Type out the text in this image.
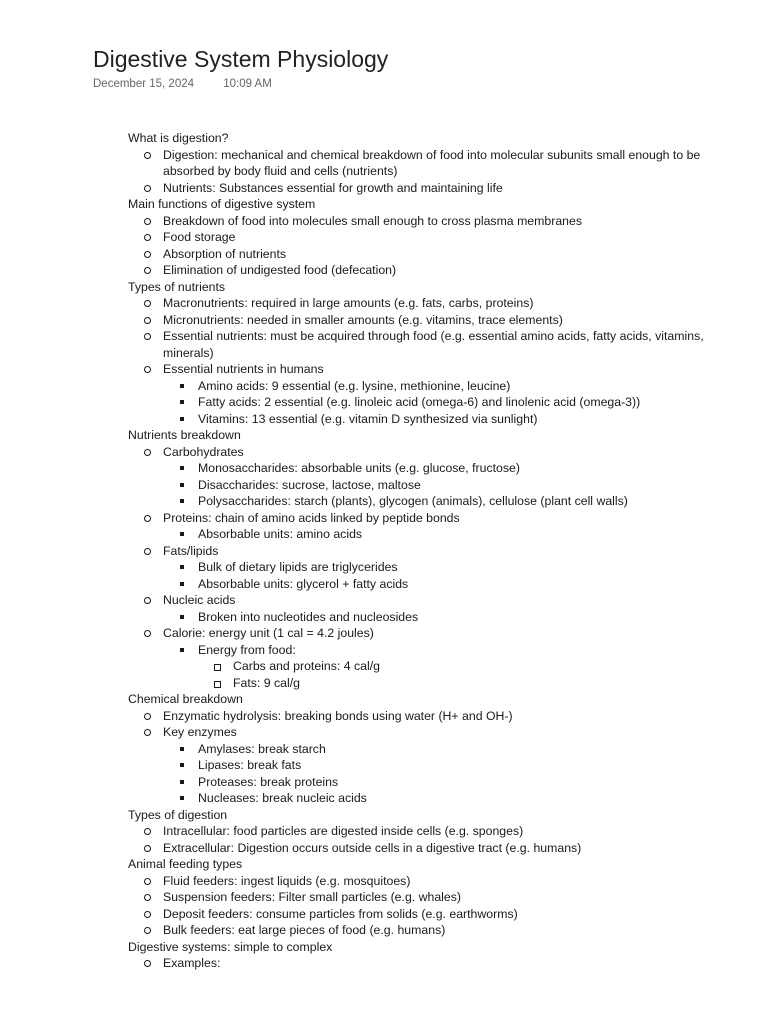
Digestive System Physiology
December 15, 2024	10:09 AM
What is digestion?
Digestion: mechanical and chemical breakdown of food into molecular subunits small enough to be absorbed by body fluid and cells (nutrients)
Nutrients: Substances essential for growth and maintaining life
Main functions of digestive system
Breakdown of food into molecules small enough to cross plasma membranes
Food storage
Absorption of nutrients
Elimination of undigested food (defecation)
Types of nutrients
Macronutrients: required in large amounts (e.g. fats, carbs, proteins)
Micronutrients: needed in smaller amounts (e.g. vitamins, trace elements)
Essential nutrients: must be acquired through food (e.g. essential amino acids, fatty acids, vitamins, minerals)
Essential nutrients in humans
Amino acids: 9 essential (e.g. lysine, methionine, leucine)
Fatty acids: 2 essential (e.g. linoleic acid (omega-6) and linolenic acid (omega-3))
Vitamins: 13 essential (e.g. vitamin D synthesized via sunlight)
Nutrients breakdown
Carbohydrates
Monosaccharides: absorbable units (e.g. glucose, fructose)
Disaccharides: sucrose, lactose, maltose
Polysaccharides: starch (plants), glycogen (animals), cellulose (plant cell walls)
Proteins: chain of amino acids linked by peptide bonds
Absorbable units: amino acids
Fats/lipids
Bulk of dietary lipids are triglycerides
Absorbable units: glycerol + fatty acids
Nucleic acids
Broken into nucleotides and nucleosides
Calorie: energy unit (1 cal = 4.2 joules)
Energy from food:
Carbs and proteins: 4 cal/g
Fats: 9 cal/g
Chemical breakdown
Enzymatic hydrolysis: breaking bonds using water (H+ and OH-)
Key enzymes
Amylases: break starch
Lipases: break fats
Proteases: break proteins
Nucleases: break nucleic acids
Types of digestion
Intracellular: food particles are digested inside cells (e.g. sponges)
Extracellular: Digestion occurs outside cells in a digestive tract (e.g. humans)
Animal feeding types
Fluid feeders: ingest liquids (e.g. mosquitoes)
Suspension feeders: Filter small particles (e.g. whales)
Deposit feeders: consume particles from solids (e.g. earthworms)
Bulk feeders: eat large pieces of food (e.g. humans)
Digestive systems: simple to complex
Examples:
